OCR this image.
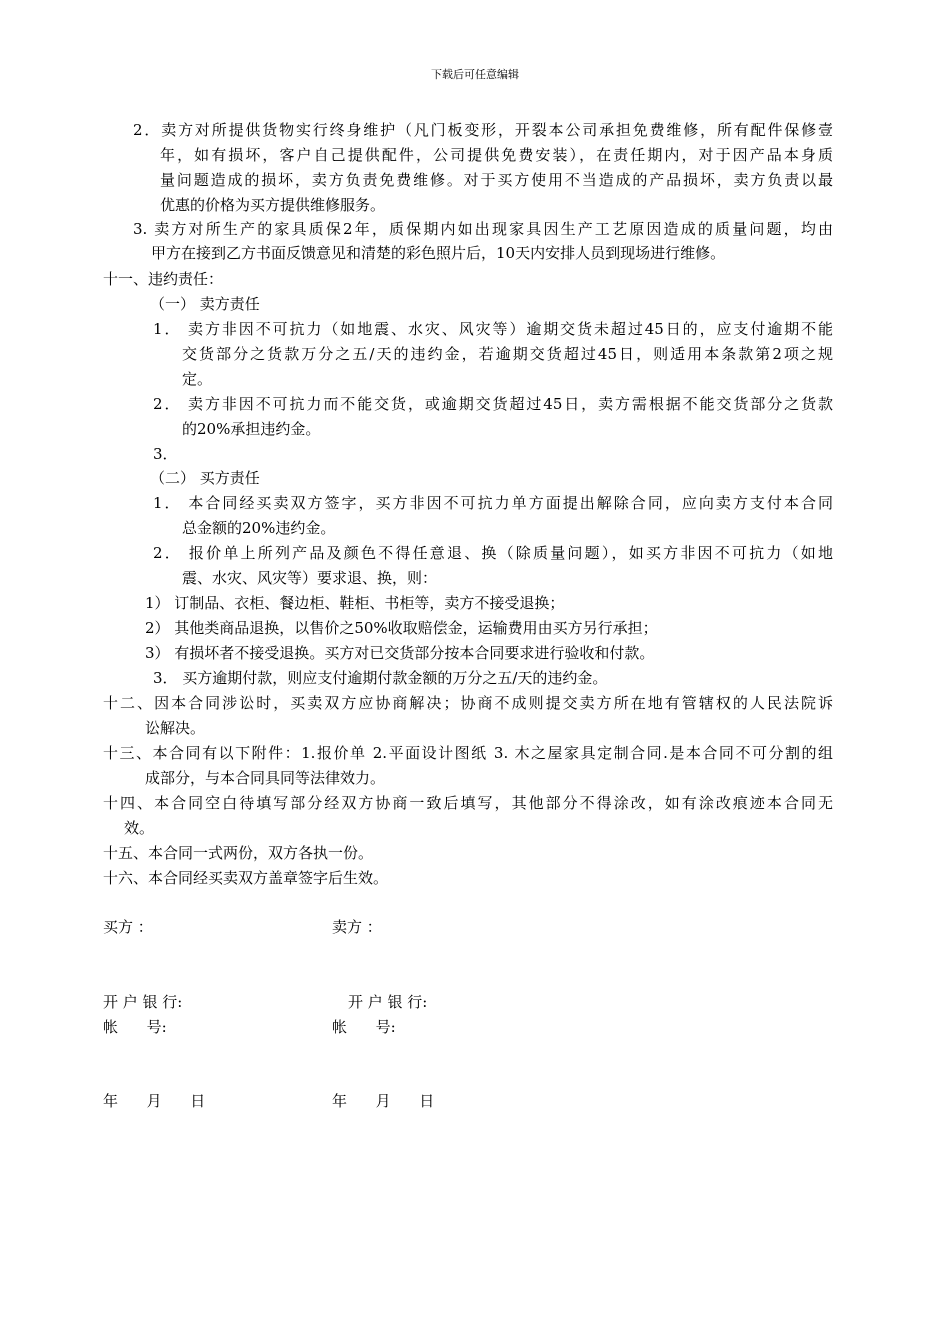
下载后可任意编辑
2．卖方对所提供货物实行终身维护（凡门板变形，开裂本公司承担免费维修，所有配件保修壹
年，如有损坏，客户自己提供配件，公司提供免费安装），在责任期内，对于因产品本身质
量问题造成的损坏，卖方负责免费维修。对于买方使用不当造成的产品损坏，卖方负责以最
优惠的价格为买方提供维修服务。
3. 卖方对所生产的家具质保2年，质保期内如出现家具因生产工艺原因造成的质量问题，均由
甲方在接到乙方书面反馈意见和清楚的彩色照片后，10天内安排人员到现场进行维修。
十一、违约责任：
（一） 卖方责任
1． 卖方非因不可抗力（如地震、水灾、风灾等）逾期交货未超过45日的，应支付逾期不能
交货部分之货款万分之五/天的违约金，若逾期交货超过45日，则适用本条款第2项之规
定。
2． 卖方非因不可抗力而不能交货，或逾期交货超过45日，卖方需根据不能交货部分之货款
的20%承担违约金。
3．
（二） 买方责任
1． 本合同经买卖双方签字，买方非因不可抗力单方面提出解除合同，应向卖方支付本合同
总金额的20%违约金。
2． 报价单上所列产品及颜色不得任意退、换（除质量问题），如买方非因不可抗力（如地
震、水灾、风灾等）要求退、换，则：
1） 订制品、衣柜、餐边柜、鞋柜、书柜等，卖方不接受退换；
2） 其他类商品退换，以售价之50%收取赔偿金，运输费用由买方另行承担；
3） 有损坏者不接受退换。买方对已交货部分按本合同要求进行验收和付款。
3． 买方逾期付款，则应支付逾期付款金额的万分之五/天的违约金。
十二、因本合同涉讼时，买卖双方应协商解决；协商不成则提交卖方所在地有管辖权的人民法院诉
讼解决。
十三、本合同有以下附件：1.报价单 2.平面设计图纸 3. 木之屋家具定制合同.是本合同不可分割的组
成部分，与本合同具同等法律效力。
十四、本合同空白待填写部分经双方协商一致后填写，其他部分不得涂改，如有涂改痕迹本合同无
效。
十五、本合同一式两份，双方各执一份。
十六、本合同经买卖双方盖章签字后生效。
买方 ：	卖方 ：
开 户 银 行:	开 户 银 行:
帐      号:	帐      号:
年      月      日	年      月      日
